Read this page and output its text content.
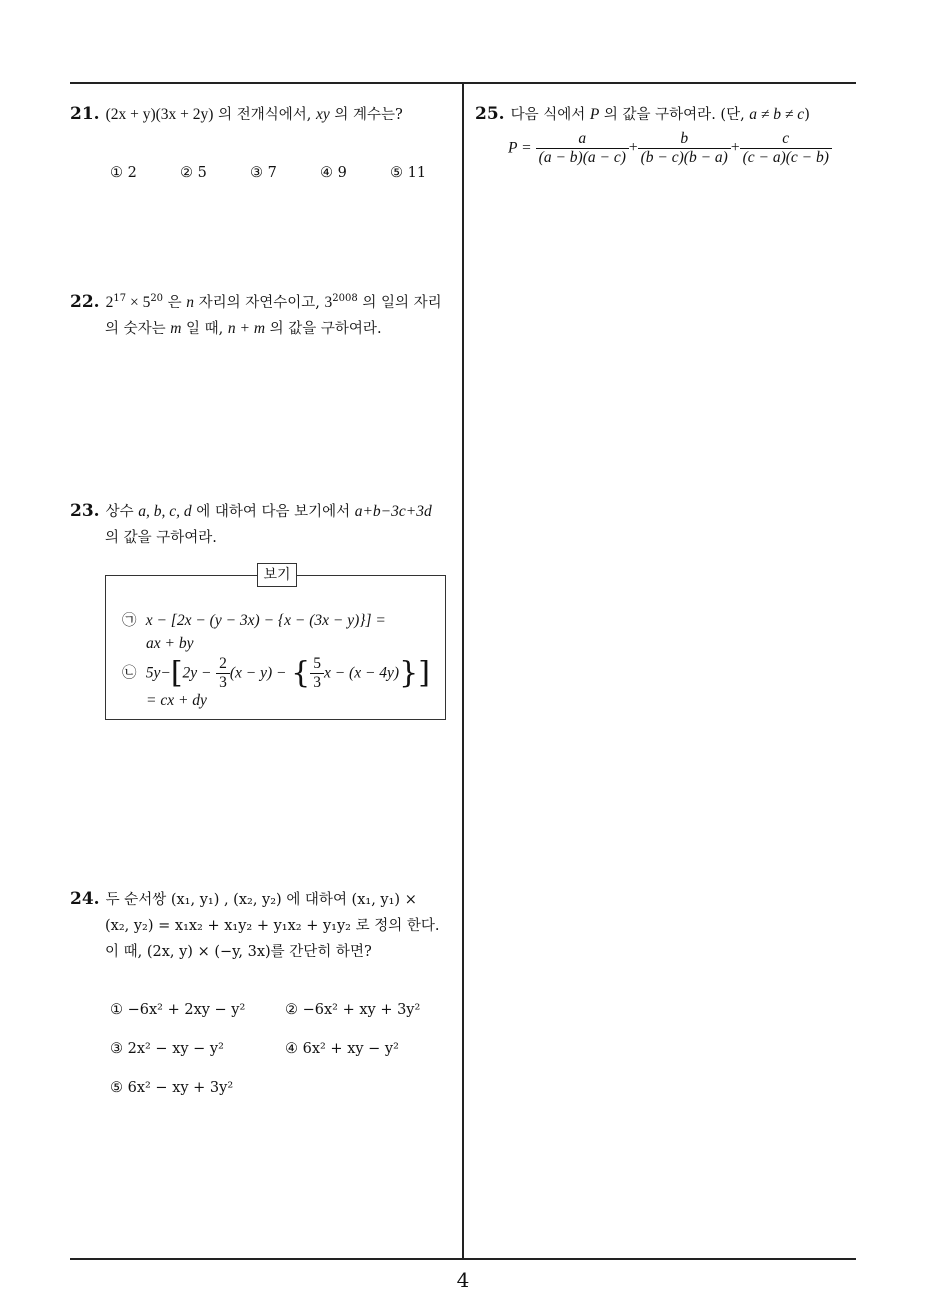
21. (2x + y)(3x + 2y) 의 전개식에서, xy 의 계수는?
① 2	② 5	③ 7	④ 9	⑤ 11
22. $2^{17} \times 5^{20}$ 은 n 자리의 자연수이고, $3^{2008}$ 의 일의 자리
의 숫자는 m 일 때, n + m 의 값을 구하여라.
23. 상수 a, b, c, d 에 대하여 다음 보기에서 a+b−3c+3d
의 값을 구하여라.
보기
㉠ x − [2x − (y − 3x) − {x − (3x − y)}] =
ax + by
㉡ $5y-[2y - \frac{2}{3} (x - y)$ − { $\frac{5}{3}$ x − (x − 4y)}]
= cx + dy
24. 두 순서쌍 (x₁, y₁) , (x₂, y₂) 에 대하여 (x₁, y₁) ×
(x₂, y₂) = x₁x₂ + x₁y₂ + y₁x₂ + y₁y₂ 로 정의 한다.
이 때, (2x, y) × (−y, 3x)를 간단히 하면?
① −6x² + 2xy − y²	② −6x² + xy + 3y²
③ 2x² − xy − y²	④ 6x² + xy − y²
⑤ 6x² − xy + 3y²
25. 다음 식에서 P 의 값을 구하여라. (단, a ≠ b ≠ c)
$P = \frac{a}{(a - b)(a - c)} + \frac{b}{(b - c)(b - a)} + \frac{c}{(c - a)(c - b)}$
4
